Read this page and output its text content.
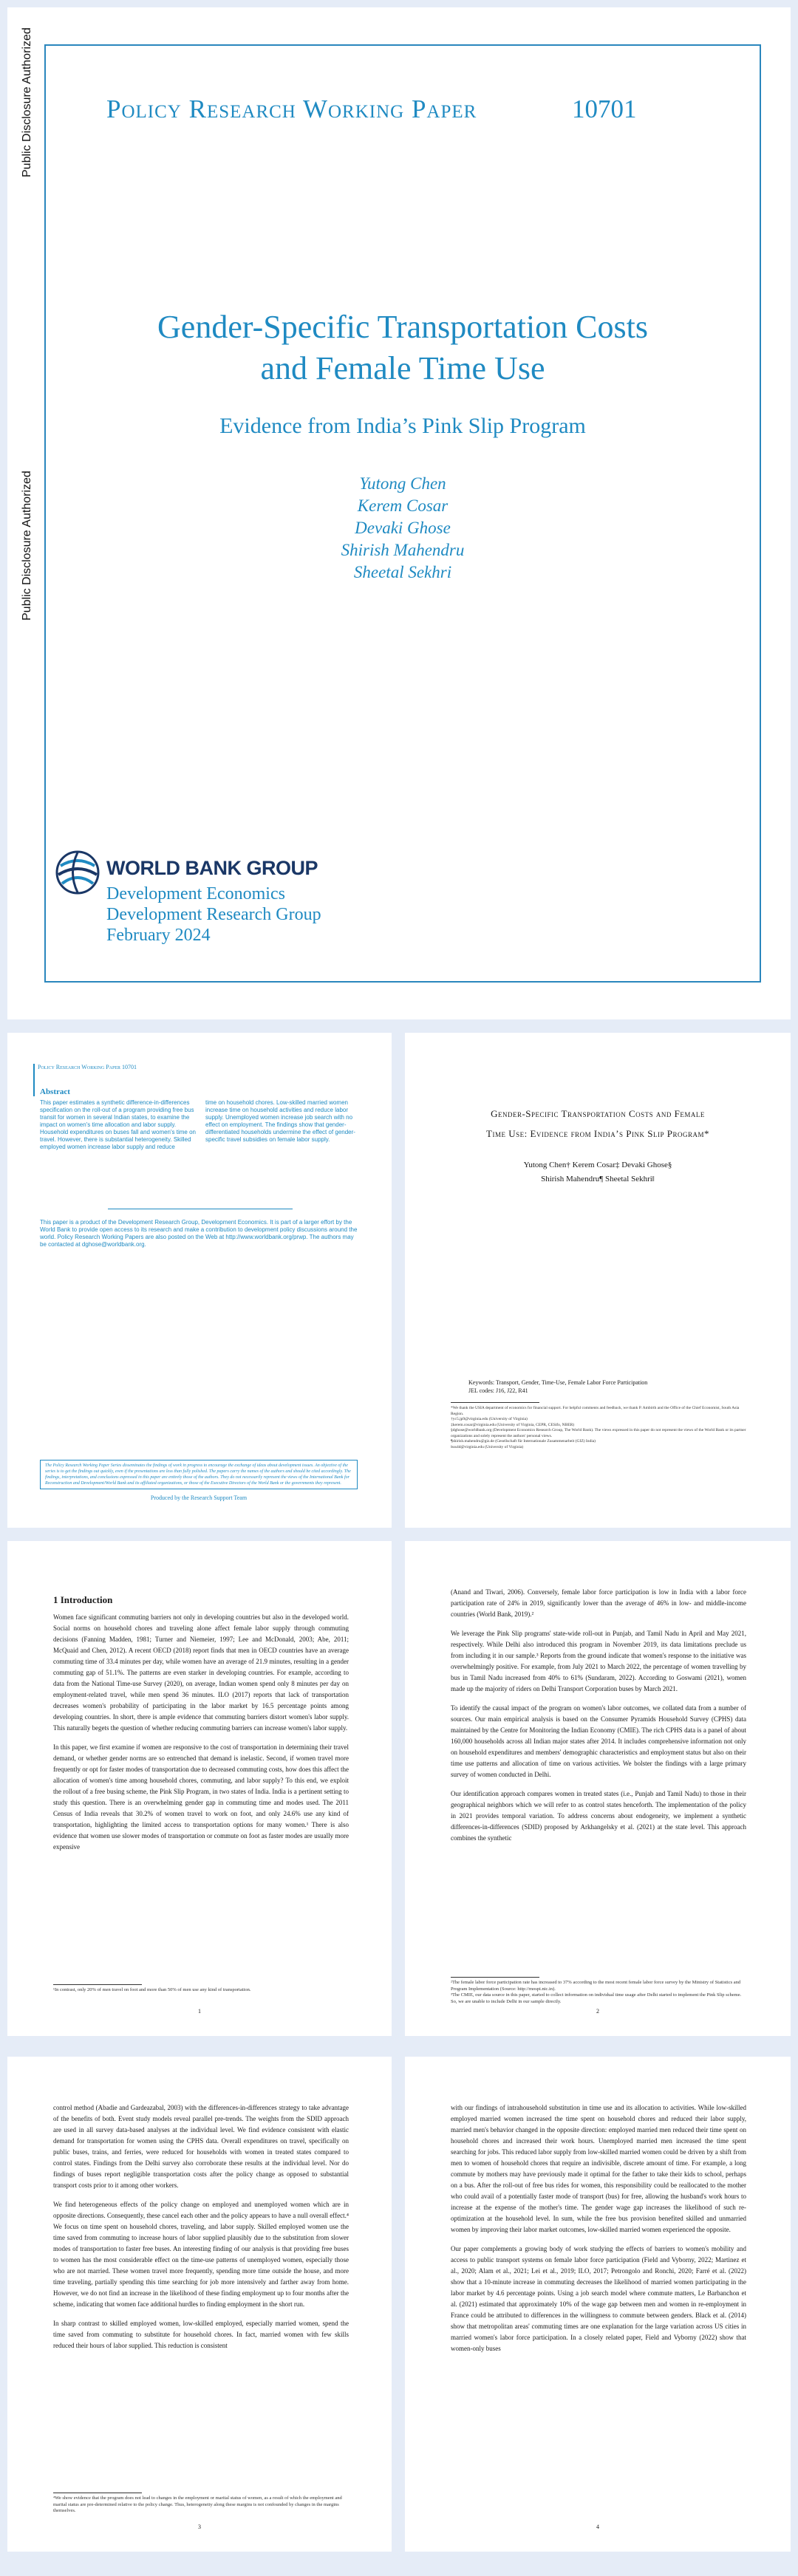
Public Disclosure Authorized
Public Disclosure Authorized
Policy Research Working Paper	10701
Gender-Specific Transportation Costs
and Female Time Use
Evidence from India’s Pink Slip Program
Yutong Chen
Kerem Cosar
Devaki Ghose
Shirish Mahendru
Sheetal Sekhri
WORLD BANK GROUP
Development Economics
Development Research Group
February 2024
Policy Research Working Paper 10701
Abstract
This paper estimates a synthetic difference-in-differences specification on the roll-out of a program providing free bus transit for women in several Indian states, to examine the impact on women's time allocation and labor supply. Household expenditures on buses fall and women's time on travel. However, there is substantial heterogeneity. Skilled employed women increase labor supply and reduce
time on household chores. Low-skilled married women increase time on household activities and reduce labor supply. Unemployed women increase job search with no effect on employment. The findings show that gender-differentiated households undermine the effect of gender-specific travel subsidies on female labor supply.
This paper is a product of the Development Research Group, Development Economics. It is part of a larger effort by the World Bank to provide open access to its research and make a contribution to development policy discussions around the world. Policy Research Working Papers are also posted on the Web at http://www.worldbank.org/prwp. The authors may be contacted at dghose@worldbank.org.
The Policy Research Working Paper Series disseminates the findings of work in progress to encourage the exchange of ideas about development issues. An objective of the series is to get the findings out quickly, even if the presentations are less than fully polished. The papers carry the names of the authors and should be cited accordingly. The findings, interpretations, and conclusions expressed in this paper are entirely those of the authors. They do not necessarily represent the views of the International Bank for Reconstruction and Development/World Bank and its affiliated organizations, or those of the Executive Directors of the World Bank or the governments they represent.
Produced by the Research Support Team
Gender-Specific Transportation Costs and Female
Time Use: Evidence from India’s Pink Slip Program*
Yutong Chen† Kerem Cosar‡ Devaki Ghose§
Shirish Mahendru¶ Sheetal Sekhri‖
Keywords: Transport, Gender, Time-Use, Female Labor Force Participation
JEL codes: J16, J22, R41
*We thank the USIA department of economics for financial support. For helpful comments and feedback, we thank P. Ambirth and the Office of the Chief Economist, South Asia Region.
†yc5.jp9@virginia.edu (University of Virginia)
‡kerem.cosar@virginia.edu (University of Virginia, CEPR, CESifo, NBER)
§dghose@worldbank.org (Development Economics Research Group, The World Bank). The views expressed in this paper do not represent the views of the World Bank or its partner organizations and solely represent the authors' personal views.
¶shirish.mahendru@giz.de (Gesellschaft für Internationale Zusammenarbeit (GIZ) India)
‖sss4d@virginia.edu (University of Virginia)
1 Introduction

Women face significant commuting barriers not only in developing countries but also in the developed world. Social norms on household chores and traveling alone affect female labor supply through commuting decisions (Fanning Madden, 1981; Turner and Niemeier, 1997; Lee and McDonald, 2003; Abe, 2011; McQuaid and Chen, 2012). A recent OECD (2018) report finds that men in OECD countries have an average commuting time of 33.4 minutes per day, while women have an average of 21.9 minutes, resulting in a gender commuting gap of 51.1%. The patterns are even starker in developing countries. For example, according to data from the National Time-use Survey (2020), on average, Indian women spend only 8 minutes per day on employment-related travel, while men spend 36 minutes. ILO (2017) reports that lack of transportation decreases women's probability of participating in the labor market by 16.5 percentage points among developing countries. In short, there is ample evidence that commuting barriers distort women's labor supply. This naturally begets the question of whether reducing commuting barriers can increase women's labor supply.

In this paper, we first examine if women are responsive to the cost of transportation in determining their travel demand, or whether gender norms are so entrenched that demand is inelastic. Second, if women travel more frequently or opt for faster modes of transportation due to decreased commuting costs, how does this affect the allocation of women's time among household chores, commuting, and labor supply? To this end, we exploit the rollout of a free busing scheme, the Pink Slip Program, in two states of India. India is a pertinent setting to study this question. There is an overwhelming gender gap in commuting time and modes used. The 2011 Census of India reveals that 30.2% of women travel to work on foot, and only 24.6% use any kind of transportation, highlighting the limited access to transportation options for many women.¹ There is also evidence that women use slower modes of transportation or commute on foot as faster modes are usually more expensive

¹In contrast, only 20% of men travel on foot and more than 50% of men use any kind of transportation.
1

(Anand and Tiwari, 2006). Conversely, female labor force participation is low in India with a labor force participation rate of 24% in 2019, significantly lower than the average of 46% in low- and middle-income countries (World Bank, 2019).²

We leverage the Pink Slip programs' state-wide roll-out in Punjab, and Tamil Nadu in April and May 2021, respectively. While Delhi also introduced this program in November 2019, its data limitations preclude us from including it in our sample.³ Reports from the ground indicate that women's response to the initiative was overwhelmingly positive. For example, from July 2021 to March 2022, the percentage of women travelling by bus in Tamil Nadu increased from 40% to 61% (Sundaram, 2022). According to Goswami (2021), women made up the majority of riders on Delhi Transport Corporation buses by March 2021.

To identify the causal impact of the program on women's labor outcomes, we collated data from a number of sources. Our main empirical analysis is based on the Consumer Pyramids Household Survey (CPHS) data maintained by the Centre for Monitoring the Indian Economy (CMIE). The rich CPHS data is a panel of about 160,000 households across all Indian major states after 2014. It includes comprehensive information not only on household expenditures and members' demographic characteristics and employment status but also on their time use patterns and allocation of time on various activities. We bolster the findings with a large primary survey of women conducted in Delhi.

Our identification approach compares women in treated states (i.e., Punjab and Tamil Nadu) to those in their geographical neighbors which we will refer to as control states henceforth. The implementation of the policy in 2021 provides temporal variation. To address concerns about endogeneity, we implement a synthetic differences-in-differences (SDID) proposed by Arkhangelsky et al. (2021) at the state level. This approach combines the synthetic

²The female labor force participation rate has increased to 37% according to the most recent female labor force survey by the Ministry of Statistics and Program Implementation (Source: http://mospi.nic.in).
³The CMIE, our data source in this paper, started to collect information on individual time usage after Delhi started to implement the Pink Slip scheme. So, we are unable to include Delhi in our sample directly.
2

control method (Abadie and Gardeazabal, 2003) with the differences-in-differences strategy to take advantage of the benefits of both. Event study models reveal parallel pre-trends. The weights from the SDID approach are used in all survey data-based analyses at the individual level. We find evidence consistent with elastic demand for transportation for women using the CPHS data. Overall expenditures on travel, specifically on public buses, trains, and ferries, were reduced for households with women in treated states compared to control states. Findings from the Delhi survey also corroborate these results at the individual level. Nor do findings of buses report negligible transportation costs after the policy change as opposed to substantial transport costs prior to it among other workers.

We find heterogeneous effects of the policy change on employed and unemployed women which are in opposite directions. Consequently, these cancel each other and the policy appears to have a null overall effect.⁴ We focus on time spent on household chores, traveling, and labor supply. Skilled employed women use the time saved from commuting to increase hours of labor supplied plausibly due to the substitution from slower modes of transportation to faster free buses. An interesting finding of our analysis is that providing free buses to women has the most considerable effect on the time-use patterns of unemployed women, especially those who are not married. These women travel more frequently, spending more time outside the house, and more time traveling, partially spending this time searching for job more intensively and farther away from home. However, we do not find an increase in the likelihood of these finding employment up to four months after the scheme, indicating that women face additional hurdles to finding employment in the short run.

In sharp contrast to skilled employed women, low-skilled employed, especially married women, spend the time saved from commuting to substitute for household chores. In fact, married women with few skills reduced their hours of labor supplied. This reduction is consistent

⁴We show evidence that the program does not lead to changes in the employment or marital status of women, as a result of which the employment and marital status are pre-determined relative to the policy change. Thus, heterogeneity along these margins is not confounded by changes in the margins themselves.
3

with our findings of intrahousehold substitution in time use and its allocation to activities. While low-skilled employed married women increased the time spent on household chores and reduced their labor supply, married men's behavior changed in the opposite direction: employed married men reduced their time spent on household chores and increased their work hours. Unemployed married men increased the time spent searching for jobs. This reduced labor supply from low-skilled married women could be driven by a shift from men to women of household chores that require an indivisible, discrete amount of time. For example, a long commute by mothers may have previously made it optimal for the father to take their kids to school, perhaps on a bus. After the roll-out of free bus rides for women, this responsibility could be reallocated to the mother who could avail of a potentially faster mode of transport (bus) for free, allowing the husband's work hours to increase at the expense of the mother's time. The gender wage gap increases the likelihood of such re-optimization at the household level. In sum, while the free bus provision benefited skilled and unmarried women by improving their labor market outcomes, low-skilled married women experienced the opposite.

Our paper complements a growing body of work studying the effects of barriers to women's mobility and access to public transport systems on female labor force participation (Field and Vyborny, 2022; Martinez et al., 2020; Alam et al., 2021; Lei et al., 2019; ILO, 2017; Petrongolo and Ronchi, 2020; Farré et al. (2022) show that a 10-minute increase in commuting decreases the likelihood of married women participating in the labor market by 4.6 percentage points. Using a job search model where commute matters, Le Barbanchon et al. (2021) estimated that approximately 10% of the wage gap between men and women in re-employment in France could be attributed to differences in the willingness to commute between genders. Black et al. (2014) show that metropolitan areas' commuting times are one explanation for the large variation across US cities in married women's labor force participation. In a closely related paper, Field and Vyborny (2022) show that women-only buses

4
